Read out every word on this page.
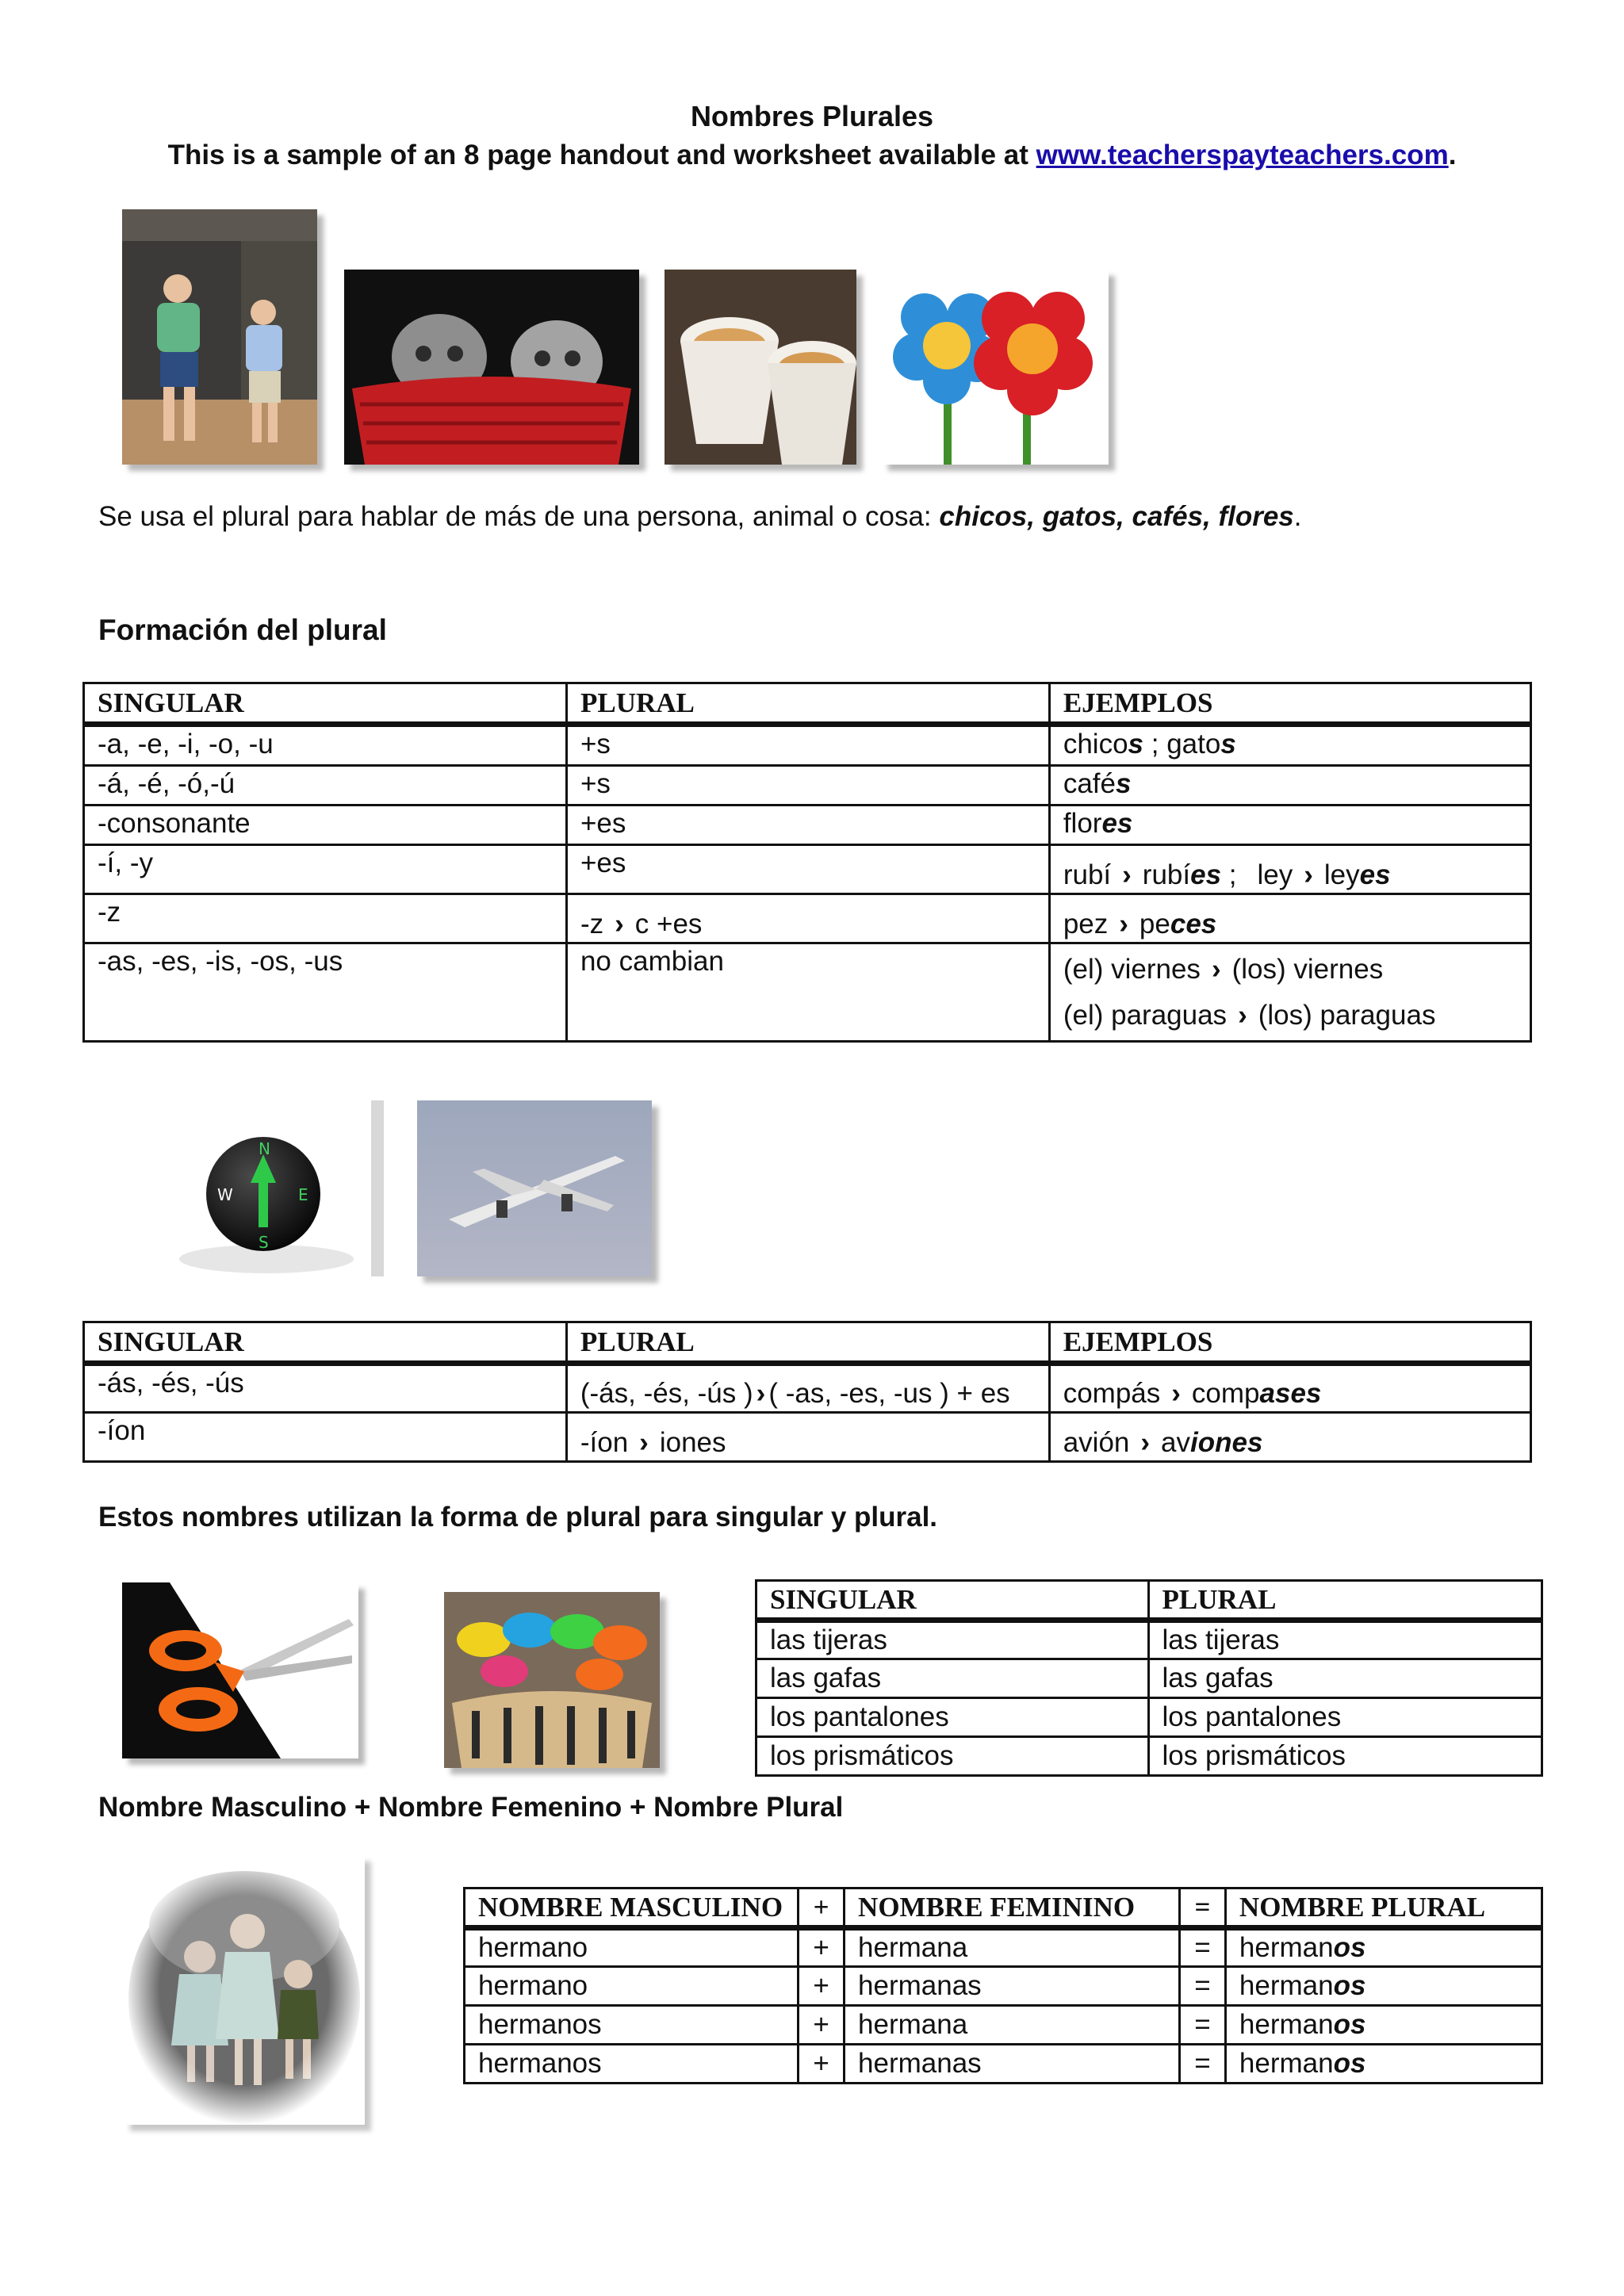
Nombres Plurales
This is a sample of an 8 page handout and worksheet available at www.teacherspayteachers.com.
Se usa el plural para hablar de más de una persona, animal o cosa: chicos, gatos, cafés, flores.
Formación del plural
SINGULAR	PLURAL	EJEMPLOS
-a, -e, -i, -o, -u	+s	chicos ; gatos
-á, -é, -ó,-ú	+s	cafés
-consonante	+es	flores
-í, -y	+es	rubí › rubíes ; ley › leyes
-z	-z › c +es	pez › peces
-as, -es, -is, -os, -us	no cambian	(el) viernes › (los) viernes
(el) paraguas › (los) paraguas
N
S
W	E
SINGULAR	PLURAL	EJEMPLOS
-ás, -és, -ús	(-ás, -és, -ús ) › ( -as, -es, -us ) + es	compás › compases
-íon	-íon › iones	avión › aviones
Estos nombres utilizan la forma de plural para singular y plural.
SINGULAR	PLURAL
las tijeras	las tijeras
las gafas	las gafas
los pantalones	los pantalones
los prismáticos	los prismáticos
Nombre Masculino + Nombre Femenino + Nombre Plural
NOMBRE MASCULINO	+	NOMBRE FEMININO	=	NOMBRE PLURAL
hermano	+	hermana	=	hermanos
hermano	+	hermanas	=	hermanos
hermanos	+	hermana	=	hermanos
hermanos	+	hermanas	=	hermanos
